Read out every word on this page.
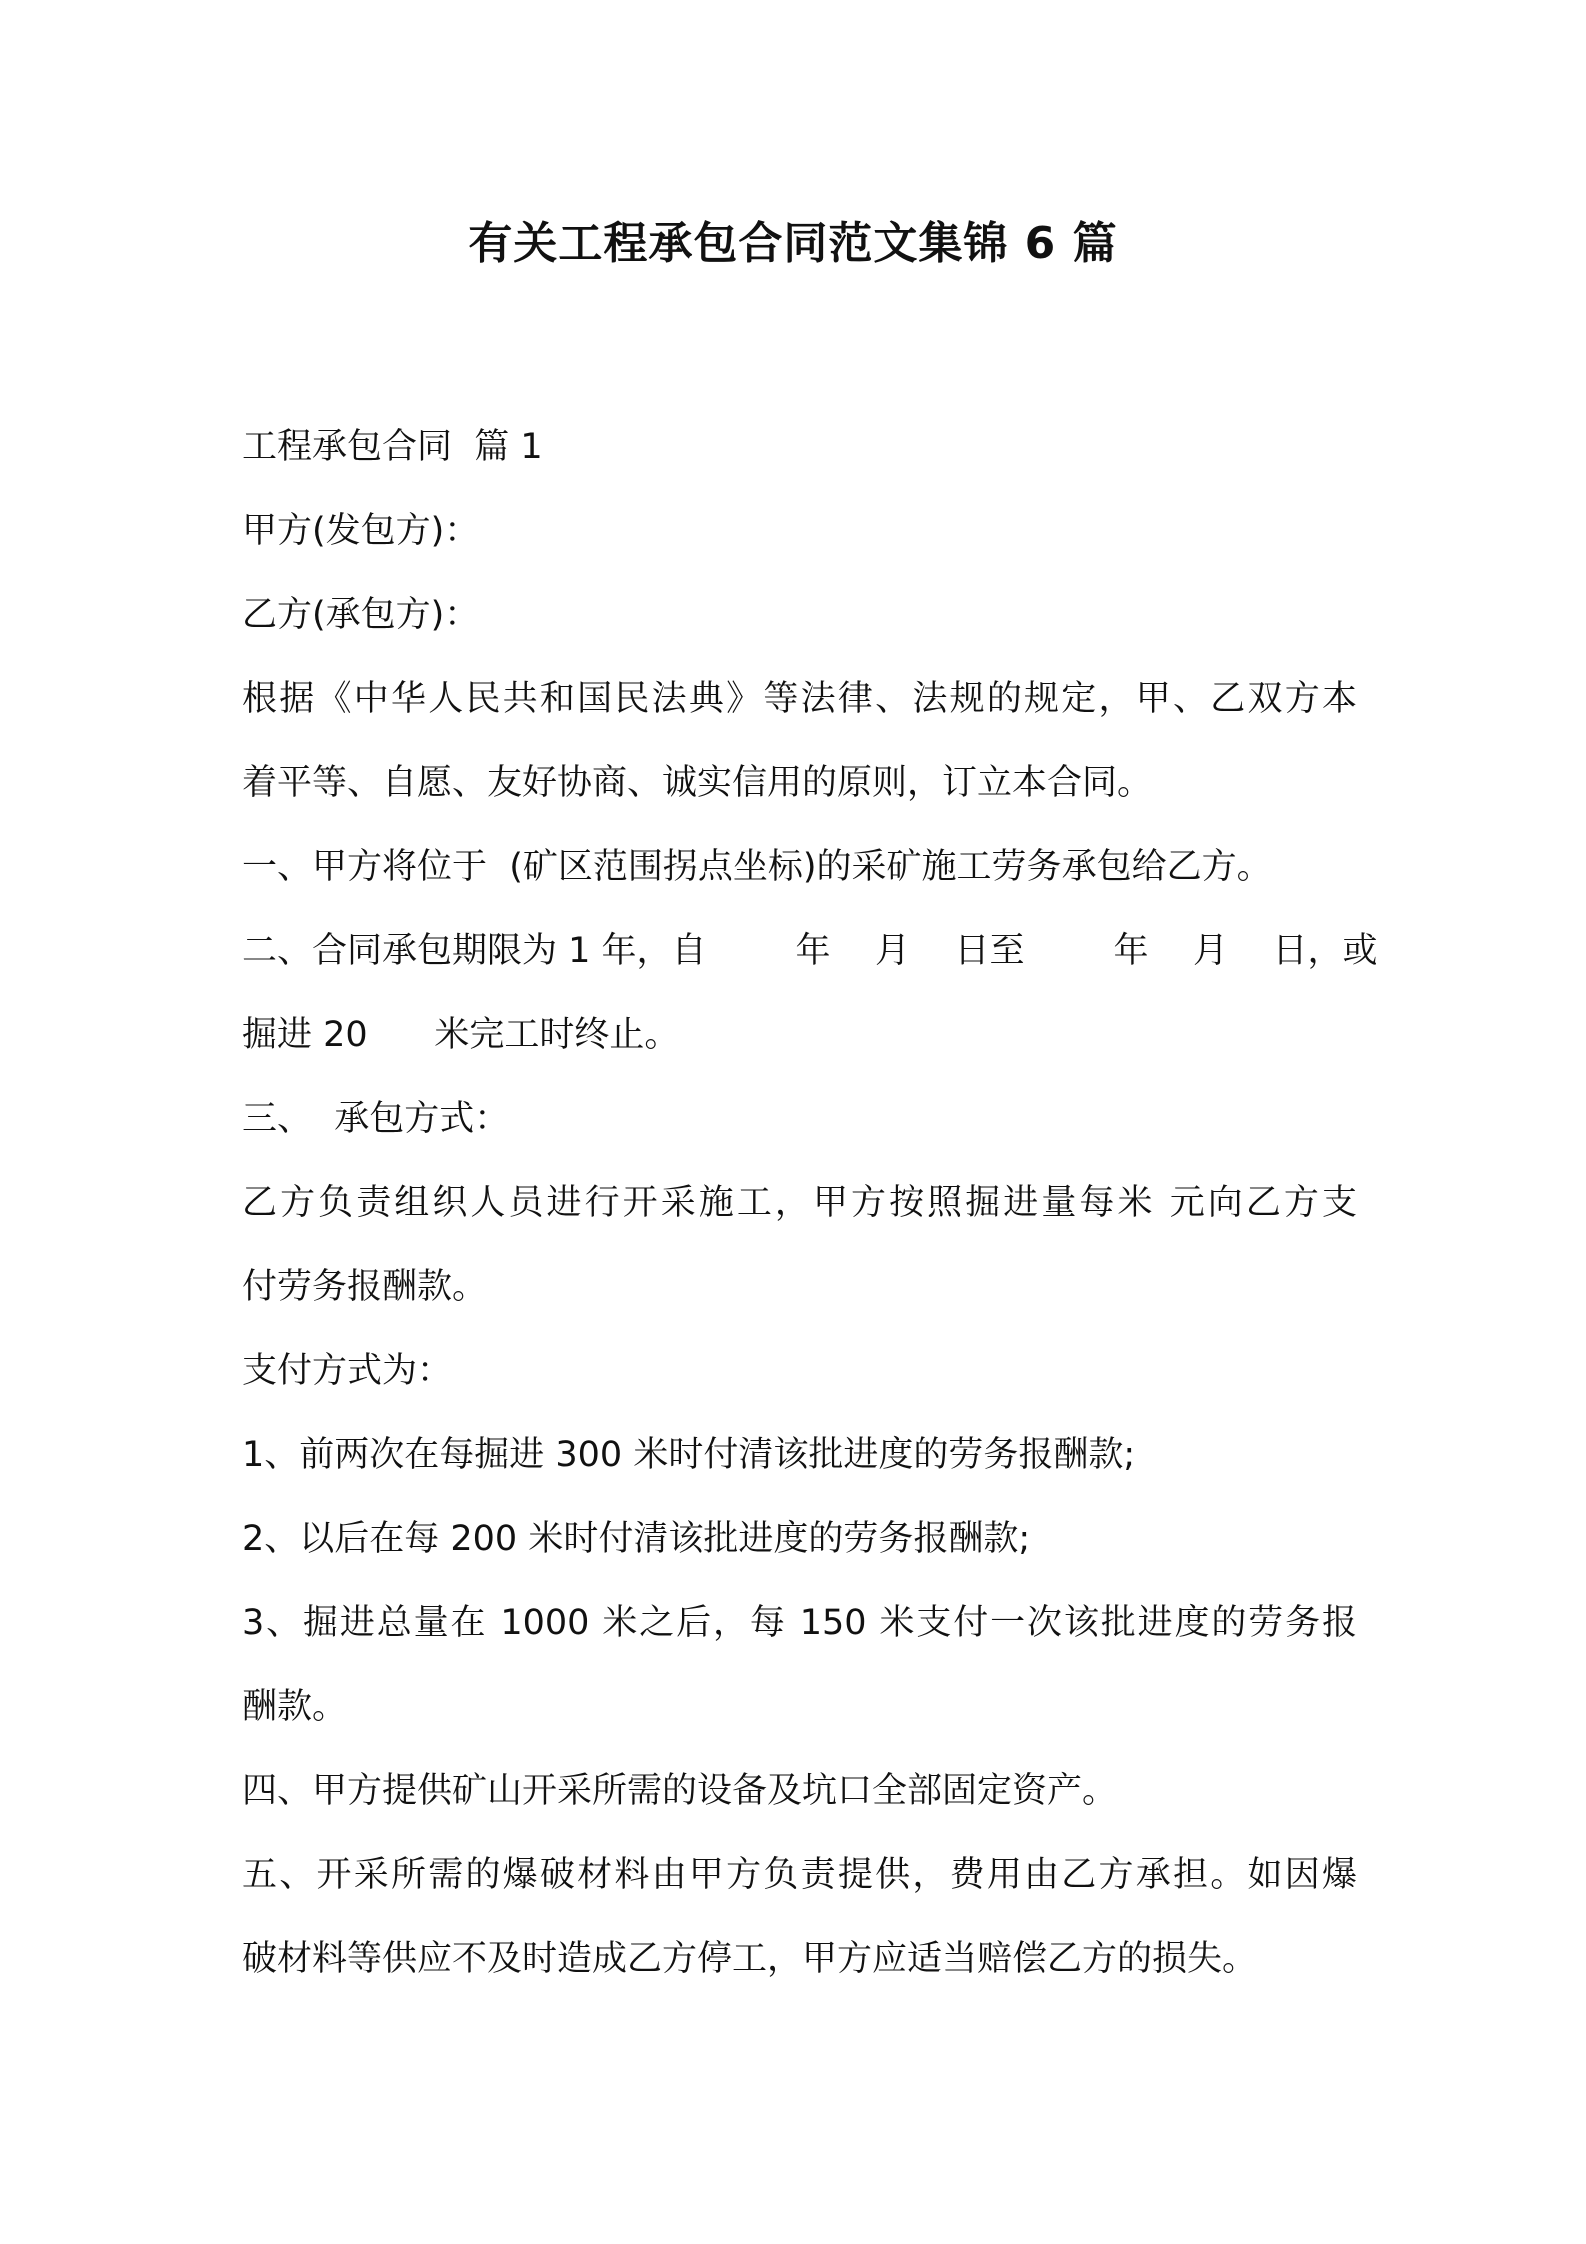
有关工程承包合同范文集锦 6 篇
工程承包合同  篇 1
甲方(发包方)：
乙方(承包方)：
根据《中华人民共和国民法典》等法律、法规的规定，甲、乙双方本
着平等、自愿、友好协商、诚实信用的原则，订立本合同。
一、甲方将位于  (矿区范围拐点坐标)的采矿施工劳务承包给乙方。
二、合同承包期限为 1 年，自        年    月    日至        年    月    日，或
掘进 20      米完工时终止。
三、  承包方式：
乙方负责组织人员进行开采施工，甲方按照掘进量每米 元向乙方支
付劳务报酬款。
支付方式为：
1、前两次在每掘进 300 米时付清该批进度的劳务报酬款;
2、以后在每 200 米时付清该批进度的劳务报酬款;
3、掘进总量在 1000 米之后，每 150 米支付一次该批进度的劳务报
酬款。
四、甲方提供矿山开采所需的设备及坑口全部固定资产。
五、开采所需的爆破材料由甲方负责提供，费用由乙方承担。如因爆
破材料等供应不及时造成乙方停工，甲方应适当赔偿乙方的损失。
